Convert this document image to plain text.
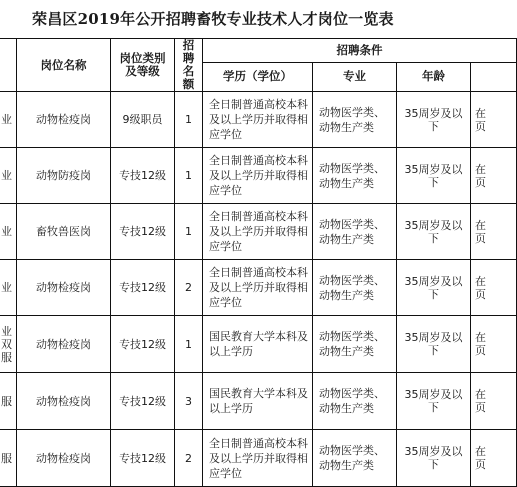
荣昌区2019年公开招聘畜牧专业技术人才岗位一览表
	岗位名称	岗位类别及等级	招聘名额	招聘条件			
				学历（学位）	专业	年龄	
业	动物检疫岗	9级职员	1	全日制普通高校本科及以上学历并取得相应学位	动物医学类、动物生产类	35周岁及以下	在
页
业	动物防疫岗	专技12级	1	全日制普通高校本科及以上学历并取得相应学位	动物医学类、动物生产类	35周岁及以下	在
页
业	畜牧兽医岗	专技12级	1	全日制普通高校本科及以上学历并取得相应学位	动物医学类、动物生产类	35周岁及以下	在
页
业	动物检疫岗	专技12级	2	全日制普通高校本科及以上学历并取得相应学位	动物医学类、动物生产类	35周岁及以下	在
页
业
双
服	动物检疫岗	专技12级	1	国民教育大学本科及以上学历	动物医学类、动物生产类	35周岁及以下	在
页
服	动物检疫岗	专技12级	3	国民教育大学本科及以上学历	动物医学类、动物生产类	35周岁及以下	在
页
服	动物检疫岗	专技12级	2	全日制普通高校本科及以上学历并取得相应学位	动物医学类、动物生产类	35周岁及以下	在
页
